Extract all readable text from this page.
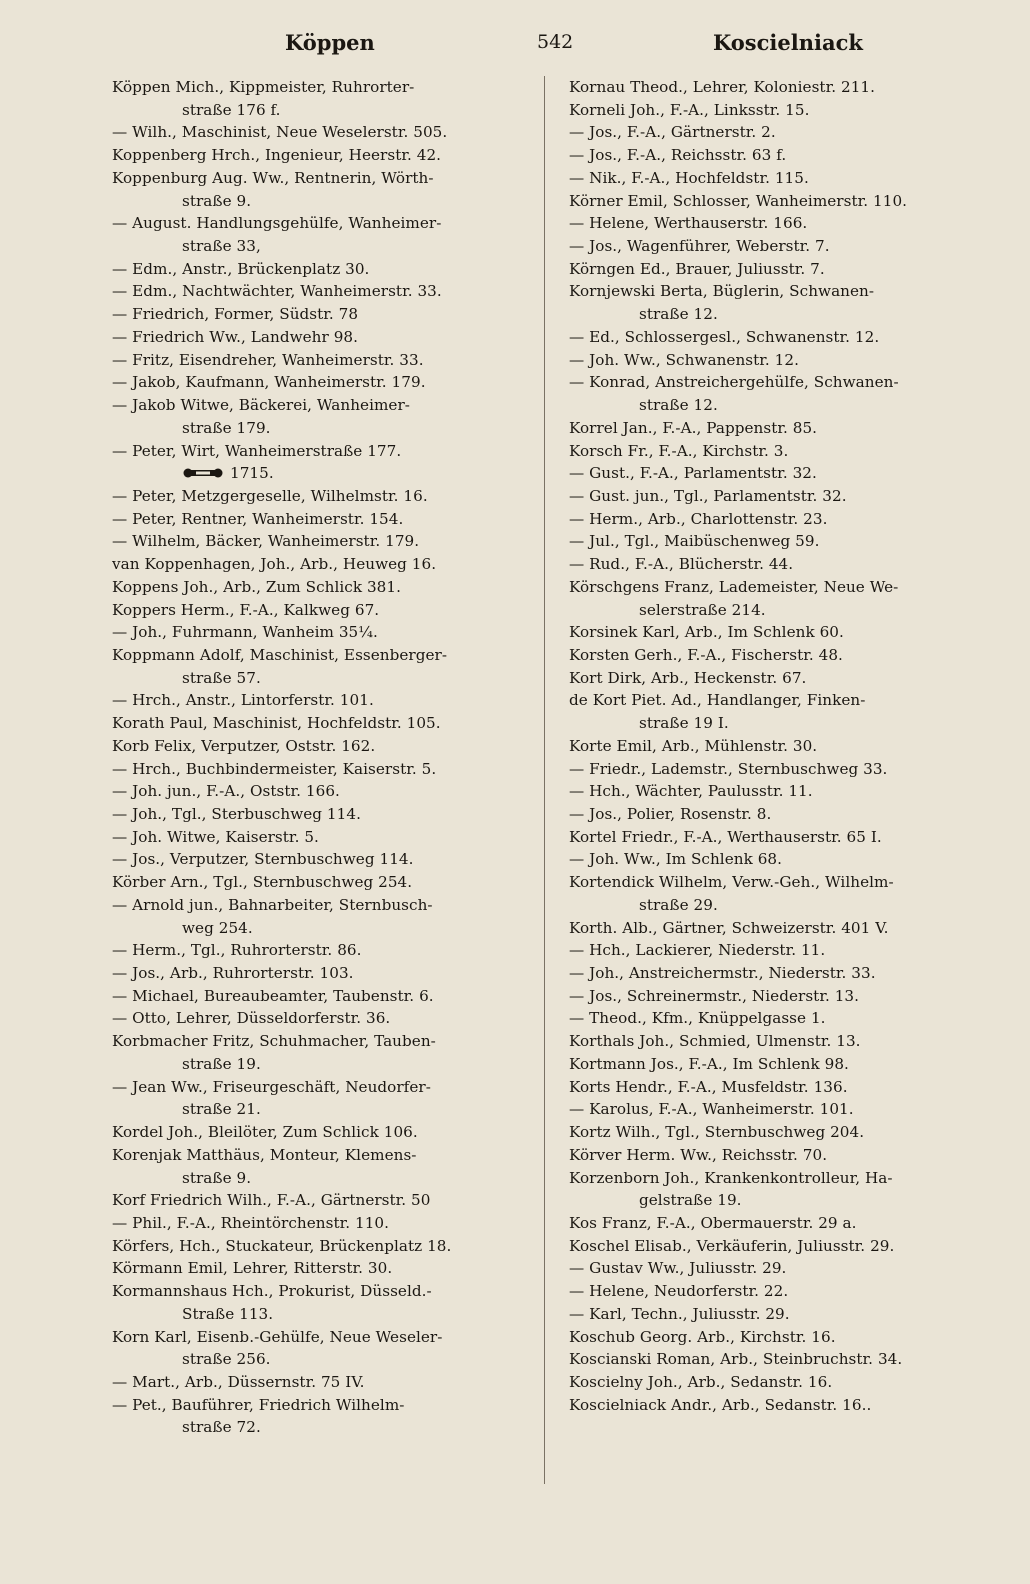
Köppen	542	Koscielniack
Köppen Mich., Kippmeister, Ruhrorter-
straße 176 f.
— Wilh., Maschinist, Neue Weselerstr. 505.
Koppenberg Hrch., Ingenieur, Heerstr. 42.
Koppenburg Aug. Ww., Rentnerin, Wörth-
straße 9.
— August. Handlungsgehülfe, Wanheimer-
straße 33,
— Edm., Anstr., Brückenplatz 30.
— Edm., Nachtwächter, Wanheimerstr. 33.
— Friedrich, Former, Südstr. 78
— Friedrich Ww., Landwehr 98.
— Fritz, Eisendreher, Wanheimerstr. 33.
— Jakob, Kaufmann, Wanheimerstr. 179.
— Jakob Witwe, Bäckerei, Wanheimer-
straße 179.
— Peter, Wirt, Wanheimerstraße 177.
1715.
— Peter, Metzgergeselle, Wilhelmstr. 16.
— Peter, Rentner, Wanheimerstr. 154.
— Wilhelm, Bäcker, Wanheimerstr. 179.
van Koppenhagen, Joh., Arb., Heuweg 16.
Koppens Joh., Arb., Zum Schlick 381.
Koppers Herm., F.-A., Kalkweg 67.
— Joh., Fuhrmann, Wanheim 35¼.
Koppmann Adolf, Maschinist, Essenberger-
straße 57.
— Hrch., Anstr., Lintorferstr. 101.
Korath Paul, Maschinist, Hochfeldstr. 105.
Korb Felix, Verputzer, Oststr. 162.
— Hrch., Buchbindermeister, Kaiserstr. 5.
— Joh. jun., F.-A., Oststr. 166.
— Joh., Tgl., Sterbuschweg 114.
— Joh. Witwe, Kaiserstr. 5.
— Jos., Verputzer, Sternbuschweg 114.
Körber Arn., Tgl., Sternbuschweg 254.
— Arnold jun., Bahnarbeiter, Sternbusch-
weg 254.
— Herm., Tgl., Ruhrorterstr. 86.
— Jos., Arb., Ruhrorterstr. 103.
— Michael, Bureaubeamter, Taubenstr. 6.
— Otto, Lehrer, Düsseldorferstr. 36.
Korbmacher Fritz, Schuhmacher, Tauben-
straße 19.
— Jean Ww., Friseurgeschäft, Neudorfer-
straße 21.
Kordel Joh., Bleilöter, Zum Schlick 106.
Korenjak Matthäus, Monteur, Klemens-
straße 9.
Korf Friedrich Wilh., F.-A., Gärtnerstr. 50
— Phil., F.-A., Rheintörchenstr. 110.
Körfers, Hch., Stuckateur, Brückenplatz 18.
Körmann Emil, Lehrer, Ritterstr. 30.
Kormannshaus Hch., Prokurist, Düsseld.-
Straße 113.
Korn Karl, Eisenb.-Gehülfe, Neue Weseler-
straße 256.
— Mart., Arb., Düssernstr. 75 IV.
— Pet., Bauführer, Friedrich Wilhelm-
straße 72.
Kornau Theod., Lehrer, Koloniestr. 211.
Korneli Joh., F.-A., Linksstr. 15.
— Jos., F.-A., Gärtnerstr. 2.
— Jos., F.-A., Reichsstr. 63 f.
— Nik., F.-A., Hochfeldstr. 115.
Körner Emil, Schlosser, Wanheimerstr. 110.
— Helene, Werthauserstr. 166.
— Jos., Wagenführer, Weberstr. 7.
Körngen Ed., Brauer, Juliusstr. 7.
Kornjewski Berta, Büglerin, Schwanen-
straße 12.
— Ed., Schlossergesl., Schwanenstr. 12.
— Joh. Ww., Schwanenstr. 12.
— Konrad, Anstreichergehülfe, Schwanen-
straße 12.
Korrel Jan., F.-A., Pappenstr. 85.
Korsch Fr., F.-A., Kirchstr. 3.
— Gust., F.-A., Parlamentstr. 32.
— Gust. jun., Tgl., Parlamentstr. 32.
— Herm., Arb., Charlottenstr. 23.
— Jul., Tgl., Maibüschenweg 59.
— Rud., F.-A., Blücherstr. 44.
Körschgens Franz, Lademeister, Neue We-
selerstraße 214.
Korsinek Karl, Arb., Im Schlenk 60.
Korsten Gerh., F.-A., Fischerstr. 48.
Kort Dirk, Arb., Heckenstr. 67.
de Kort Piet. Ad., Handlanger, Finken-
straße 19 I.
Korte Emil, Arb., Mühlenstr. 30.
— Friedr., Lademstr., Sternbuschweg 33.
— Hch., Wächter, Paulusstr. 11.
— Jos., Polier, Rosenstr. 8.
Kortel Friedr., F.-A., Werthauserstr. 65 I.
— Joh. Ww., Im Schlenk 68.
Kortendick Wilhelm, Verw.-Geh., Wilhelm-
straße 29.
Korth. Alb., Gärtner, Schweizerstr. 401 V.
— Hch., Lackierer, Niederstr. 11.
— Joh., Anstreichermstr., Niederstr. 33.
— Jos., Schreinermstr., Niederstr. 13.
— Theod., Kfm., Knüppelgasse 1.
Korthals Joh., Schmied, Ulmenstr. 13.
Kortmann Jos., F.-A., Im Schlenk 98.
Korts Hendr., F.-A., Musfeldstr. 136.
— Karolus, F.-A., Wanheimerstr. 101.
Kortz Wilh., Tgl., Sternbuschweg 204.
Körver Herm. Ww., Reichsstr. 70.
Korzenborn Joh., Krankenkontrolleur, Ha-
gelstraße 19.
Kos Franz, F.-A., Obermauerstr. 29 a.
Koschel Elisab., Verkäuferin, Juliusstr. 29.
— Gustav Ww., Juliusstr. 29.
— Helene, Neudorferstr. 22.
— Karl, Techn., Juliusstr. 29.
Koschub Georg. Arb., Kirchstr. 16.
Koscianski Roman, Arb., Steinbruchstr. 34.
Koscielny Joh., Arb., Sedanstr. 16.
Koscielniack Andr., Arb., Sedanstr. 16..
